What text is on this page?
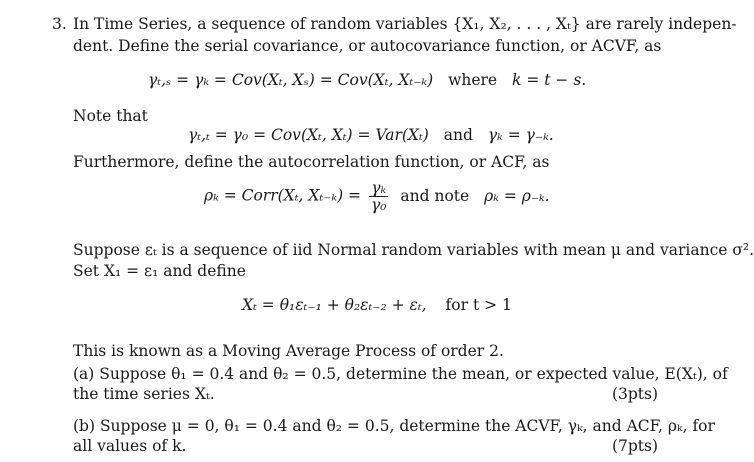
3. In Time Series, a sequence of random variables {X₁, X₂, . . . , Xₜ} are rarely indepen-
dent. Define the serial covariance, or autocovariance function, or ACVF, as
γₜ,ₛ = γₖ = Cov(Xₜ, Xₛ) = Cov(Xₜ, Xₜ₋ₖ) where k = t − s.
Note that
γₜ,ₜ = γ₀ = Cov(Xₜ, Xₜ) = Var(Xₜ) and γₖ = γ₋ₖ.
Furthermore, define the autocorrelation function, or ACF, as
ρₖ = Corr(Xₜ, $X_{t-k}) = \frac{\text{γₖ}}{\text{γ₀}}$ and note ρₖ = ρ₋ₖ.
Suppose εₜ is a sequence of iid Normal random variables with mean μ and variance σ².
Set X₁ = ε₁ and define
Xₜ = θ₁εₜ₋₁ + θ₂εₜ₋₂ + εₜ, for t > 1
This is known as a Moving Average Process of order 2.
(a) Suppose θ₁ = 0.4 and θ₂ = 0.5, determine the mean, or expected value, E(Xₜ), of
the time series Xₜ.	(3pts)
(b) Suppose μ = 0, θ₁ = 0.4 and θ₂ = 0.5, determine the ACVF, γₖ, and ACF, ρₖ, for
all values of k.	(7pts)
